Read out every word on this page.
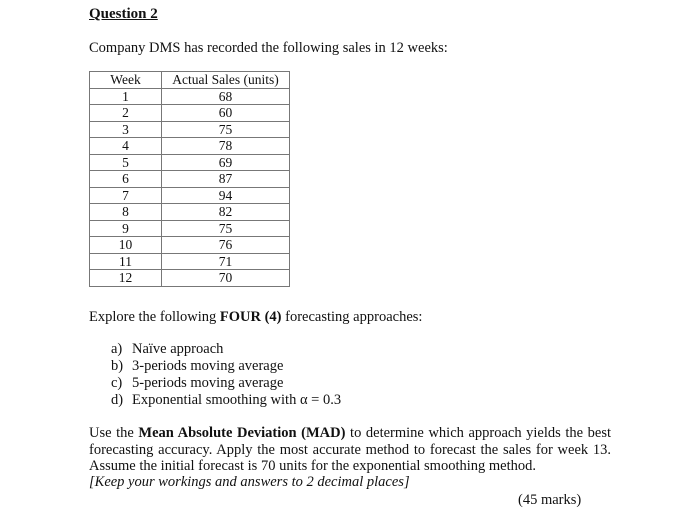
Question 2
Company DMS has recorded the following sales in 12 weeks:
Week	Actual Sales (units)
1	68
2	60
3	75
4	78
5	69
6	87
7	94
8	82
9	75
10	76
11	71
12	70
Explore the following FOUR (4) forecasting approaches:
a) Naïve approach
b) 3-periods moving average
c) 5-periods moving average
d) Exponential smoothing with α = 0.3
Use the Mean Absolute Deviation (MAD) to determine which approach yields the best
forecasting accuracy. Apply the most accurate method to forecast the sales for week 13.
Assume the initial forecast is 70 units for the exponential smoothing method.
[Keep your workings and answers to 2 decimal places]
(45 marks)
